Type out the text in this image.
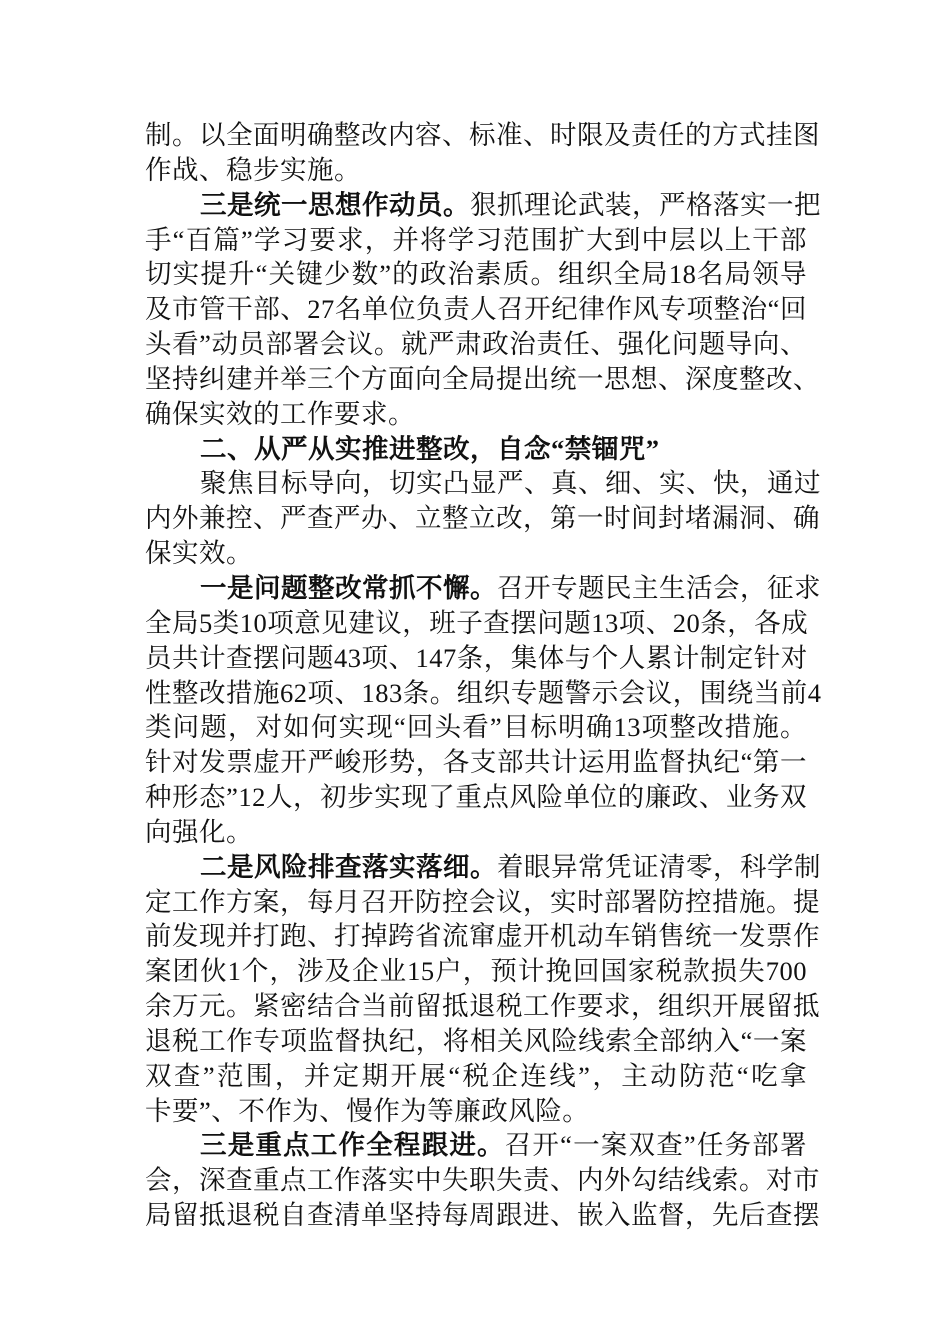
制。以全面明确整改内容、标准、时限及责任的方式挂图
作战、稳步实施。
三是统一思想作动员。狠抓理论武装，严格落实一把
手“百篇”学习要求，并将学习范围扩大到中层以上干部
切实提升“关键少数”的政治素质。组织全局18名局领导
及市管干部、27名单位负责人召开纪律作风专项整治“回
头看”动员部署会议。就严肃政治责任、强化问题导向、
坚持纠建并举三个方面向全局提出统一思想、深度整改、
确保实效的工作要求。
二、从严从实推进整改，自念“禁锢咒”
聚焦目标导向，切实凸显严、真、细、实、快，通过
内外兼控、严查严办、立整立改，第一时间封堵漏洞、确
保实效。
一是问题整改常抓不懈。召开专题民主生活会，征求
全局5类10项意见建议，班子查摆问题13项、20条，各成
员共计查摆问题43项、147条，集体与个人累计制定针对
性整改措施62项、183条。组织专题警示会议，围绕当前4
类问题，对如何实现“回头看”目标明确13项整改措施。
针对发票虚开严峻形势，各支部共计运用监督执纪“第一
种形态”12人，初步实现了重点风险单位的廉政、业务双
向强化。
二是风险排查落实落细。着眼异常凭证清零，科学制
定工作方案，每月召开防控会议，实时部署防控措施。提
前发现并打跑、打掉跨省流窜虚开机动车销售统一发票作
案团伙1个，涉及企业15户，预计挽回国家税款损失700
余万元。紧密结合当前留抵退税工作要求，组织开展留抵
退税工作专项监督执纪，将相关风险线索全部纳入“一案
双查”范围，并定期开展“税企连线”，主动防范“吃拿
卡要”、不作为、慢作为等廉政风险。
三是重点工作全程跟进。召开“一案双查”任务部署
会，深查重点工作落实中失职失责、内外勾结线索。对市
局留抵退税自查清单坚持每周跟进、嵌入监督，先后查摆
